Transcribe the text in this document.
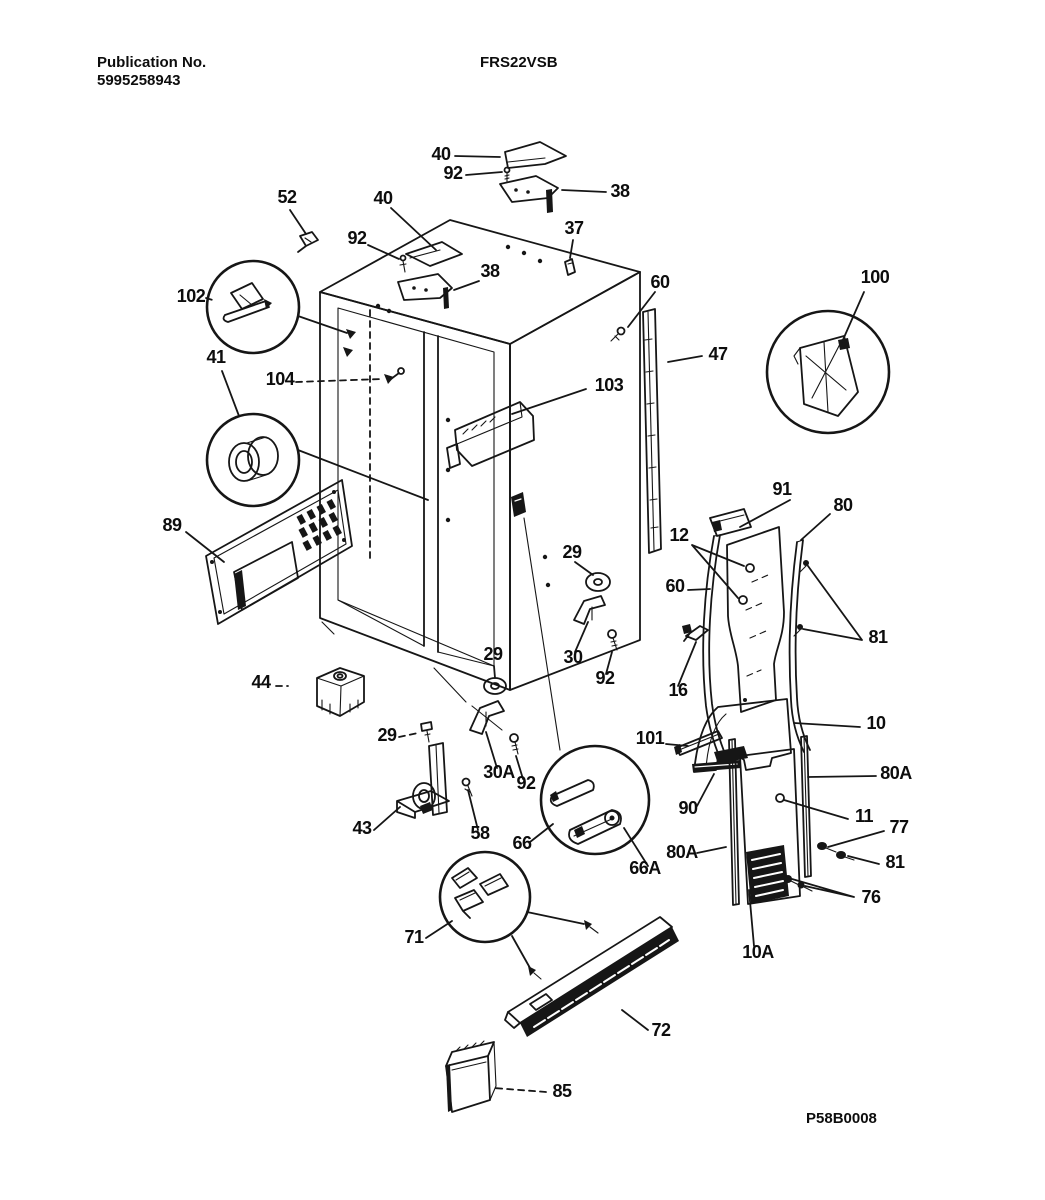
Publication No.
5995258943
FRS22VSB
P58B0008
40
92
38
52	40
92	37
38
102
60	100
47
41
104	103
89
29
91
80
12
60
81
30
92
16
44
29
29	101
10
30A
92	80A
90	11
43	58 66
66A
77
80A	81
76
71
10A
72
85
